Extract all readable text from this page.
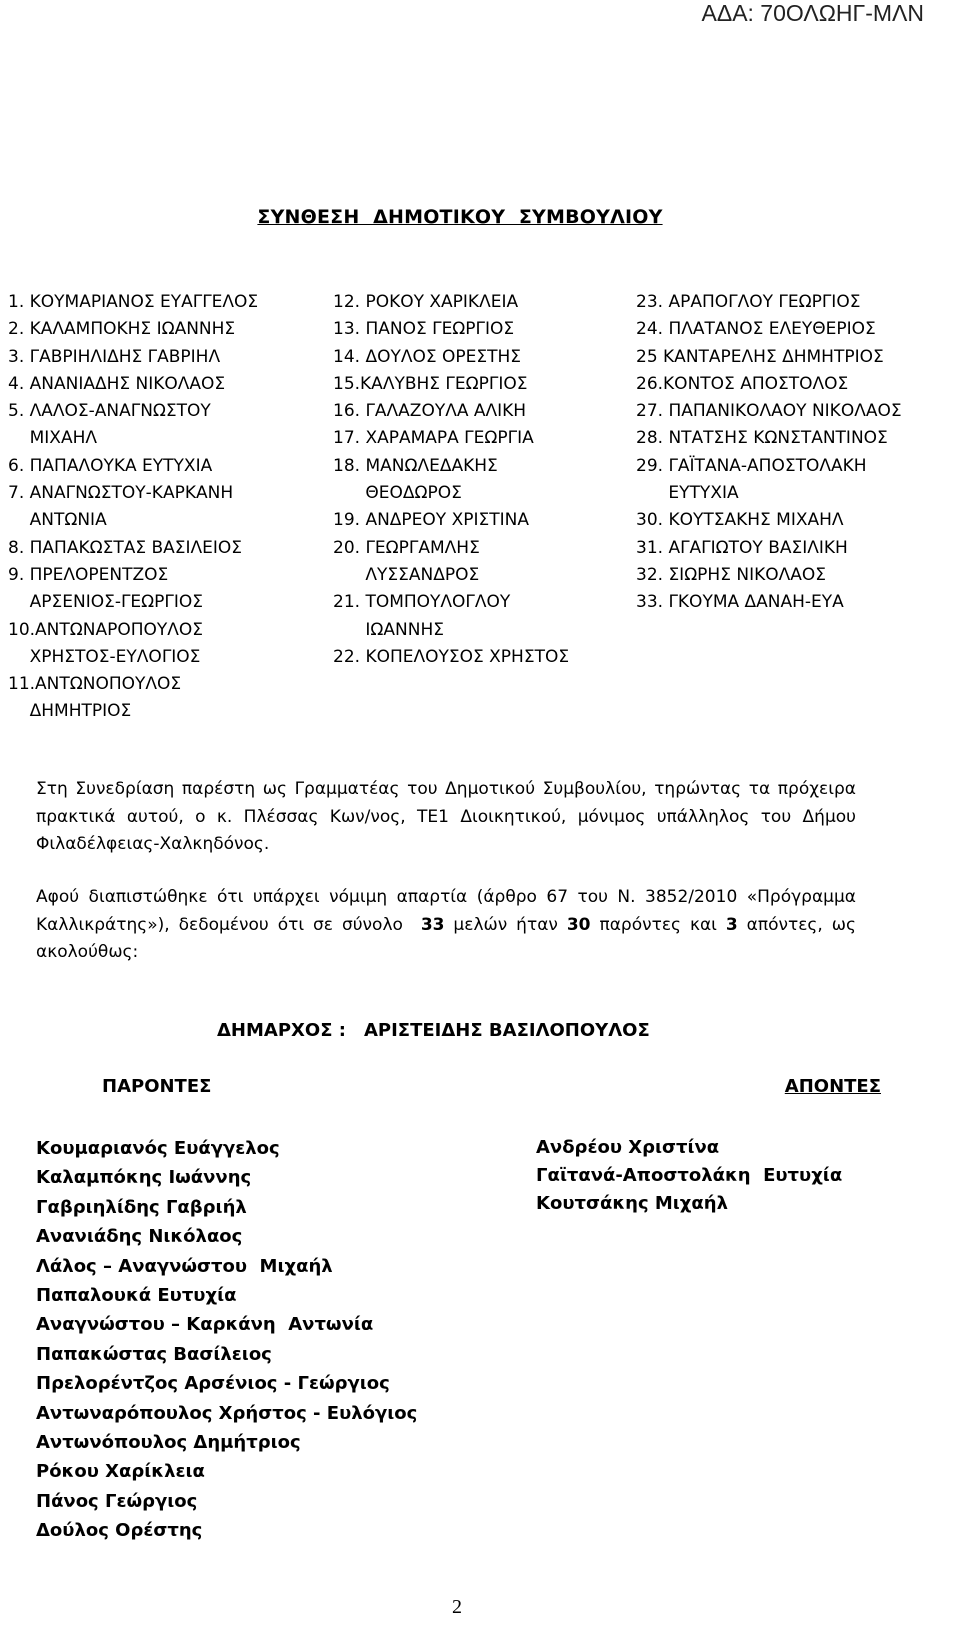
ΑΔΑ: 70ΟΛΩΗΓ-ΜΛΝ
ΣΥΝΘΕΣΗ  ΔΗΜΟΤΙΚΟΥ  ΣΥΜΒΟΥΛΙΟΥ
1. ΚΟΥΜΑΡΙΑΝΟΣ ΕΥΑΓΓΕΛΟΣ
2. ΚΑΛΑΜΠΟΚΗΣ ΙΩΑΝΝΗΣ
3. ΓΑΒΡΙΗΛΙΔΗΣ ΓΑΒΡΙΗΛ
4. ΑΝΑΝΙΑΔΗΣ ΝΙΚΟΛΑΟΣ
5. ΛΑΛΟΣ-ΑΝΑΓΝΩΣΤΟΥ
ΜΙΧΑΗΛ
6. ΠΑΠΑΛΟΥΚΑ ΕΥΤΥΧΙΑ
7. ΑΝΑΓΝΩΣΤΟΥ-ΚΑΡΚΑΝΗ
ΑΝΤΩΝΙΑ
8. ΠΑΠΑΚΩΣΤΑΣ ΒΑΣΙΛΕΙΟΣ
9. ΠΡΕΛΟΡΕΝΤΖΟΣ
ΑΡΣΕΝΙΟΣ-ΓΕΩΡΓΙΟΣ
10.ΑΝΤΩΝΑΡΟΠΟΥΛΟΣ
ΧΡΗΣΤΟΣ-ΕΥΛΟΓΙΟΣ
11.ΑΝΤΩΝΟΠΟΥΛΟΣ
ΔΗΜΗΤΡΙΟΣ
12. ΡΟΚΟΥ ΧΑΡΙΚΛΕΙΑ
13. ΠΑΝΟΣ ΓΕΩΡΓΙΟΣ
14. ΔΟΥΛΟΣ ΟΡΕΣΤΗΣ
15.ΚΑΛΥΒΗΣ ΓΕΩΡΓΙΟΣ
16. ΓΑΛΑΖΟΥΛΑ ΑΛΙΚΗ
17. ΧΑΡΑΜΑΡΑ ΓΕΩΡΓΙΑ
18. ΜΑΝΩΛΕΔΑΚΗΣ
ΘΕΟΔΩΡΟΣ
19. ΑΝΔΡΕΟΥ ΧΡΙΣΤΙΝΑ
20. ΓΕΩΡΓΑΜΛΗΣ
ΛΥΣΣΑΝΔΡΟΣ
21. ΤΟΜΠΟΥΛΟΓΛΟΥ
ΙΩΑΝΝΗΣ
22. ΚΟΠΕΛΟΥΣΟΣ ΧΡΗΣΤΟΣ
23. ΑΡΑΠΟΓΛΟΥ ΓΕΩΡΓΙΟΣ
24. ΠΛΑΤΑΝΟΣ ΕΛΕΥΘΕΡΙΟΣ
25 ΚΑΝΤΑΡΕΛΗΣ ΔΗΜΗΤΡΙΟΣ
26.ΚΟΝΤΟΣ ΑΠΟΣΤΟΛΟΣ
27. ΠΑΠΑΝΙΚΟΛΑΟΥ ΝΙΚΟΛΑΟΣ
28. ΝΤΑΤΣΗΣ ΚΩΝΣΤΑΝΤΙΝΟΣ
29. ΓΑΪΤΑΝΑ-ΑΠΟΣΤΟΛΑΚΗ
ΕΥΤΥΧΙΑ
30. ΚΟΥΤΣΑΚΗΣ ΜΙΧΑΗΛ
31. ΑΓΑΓΙΩΤΟΥ ΒΑΣΙΛΙΚΗ
32. ΣΙΩΡΗΣ ΝΙΚΟΛΑΟΣ
33. ΓΚΟΥΜΑ ΔΑΝΑΗ-ΕΥΑ
Στη Συνεδρίαση παρέστη ως Γραμματέας του Δημοτικού Συμβουλίου, τηρώντας τα πρόχειρα πρακτικά αυτού, ο κ. Πλέσσας Κων/νος, ΤΕ1 Διοικητικού, μόνιμος υπάλληλος του Δήμου Φιλαδέλφειας-Χαλκηδόνος.
Αφού διαπιστώθηκε ότι υπάρχει νόμιμη απαρτία (άρθρο 67 του Ν. 3852/2010 «Πρόγραμμα Καλλικράτης»), δεδομένου ότι σε σύνολο  33 μελών ήταν 30 παρόντες και 3 απόντες, ως ακολούθως:
ΔΗΜΑΡΧΟΣ : ΑΡΙΣΤΕΙΔΗΣ ΒΑΣΙΛΟΠΟΥΛΟΣ
ΠΑΡΟΝΤΕΣ	ΑΠΟΝΤΕΣ
Κουμαριανός Ευάγγελος
Καλαμπόκης Ιωάννης
Γαβριηλίδης Γαβριήλ
Ανανιάδης Νικόλαος
Λάλος – Αναγνώστου  Μιχαήλ
Παπαλουκά Ευτυχία
Αναγνώστου – Καρκάνη  Αντωνία
Παπακώστας Βασίλειος
Πρελορέντζος Αρσένιος - Γεώργιος
Αντωναρόπουλος Χρήστος - Ευλόγιος
Αντωνόπουλος Δημήτριος
Ρόκου Χαρίκλεια
Πάνος Γεώργιος
Δούλος Ορέστης
Ανδρέου Χριστίνα
Γαϊτανά-Αποστολάκη  Ευτυχία
Κουτσάκης Μιχαήλ
2
